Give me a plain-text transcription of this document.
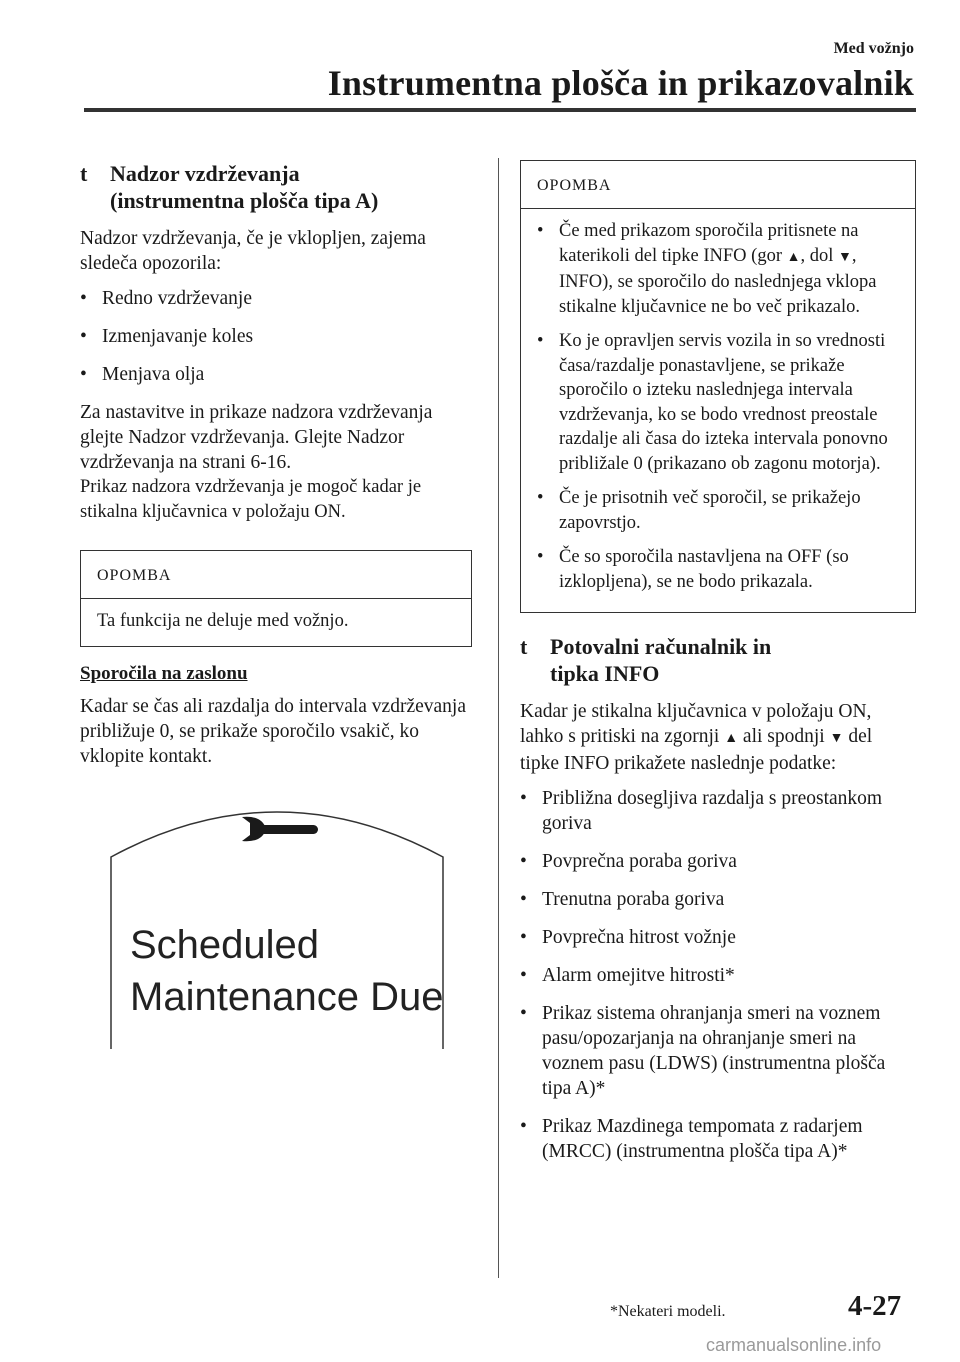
Med vožnjo
Instrumentna plošča in prikazovalnik
t	Nadzor vzdrževanja
(instrumentna plošča tipa A)

Nadzor vzdrževanja, če je vklopljen, zajema sledeča opozorila:

• Redno vzdrževanje
• Izmenjavanje koles
• Menjava olja

Za nastavitve in prikaze nadzora vzdrževanja glejte Nadzor vzdrževanja. Glejte Nadzor vzdrževanja na strani 6-16.

Prikaz nadzora vzdrževanja je mogoč kadar je stikalna ključavnica v položaju ON.

OPOMBA
Ta funkcija ne deluje med vožnjo.
Sporočila na zaslonu

Kadar se čas ali razdalja do intervala vzdrževanja približuje 0, se prikaže sporočilo vsakič, ko vklopite kontakt.

Scheduled
Maintenance Due
OPOMBA
• Če med prikazom sporočila pritisnete na katerikoli del tipke INFO (gor ▲, dol ▼, INFO), se sporočilo do naslednjega vklopa stikalne ključavnice ne bo več prikazalo.
• Ko je opravljen servis vozila in so vrednosti časa/razdalje ponastavljene, se prikaže sporočilo o izteku naslednjega intervala vzdrževanja, ko se bodo vrednost preostale razdalje ali časa do izteka intervala ponovno približale 0 (prikazano ob zagonu motorja).
• Če je prisotnih več sporočil, se prikažejo zapovrstjo.
• Če so sporočila nastavljena na OFF (so izklopljena), se ne bodo prikazala.
t	Potovalni računalnik in
tipka INFO

Kadar je stikalna ključavnica v položaju ON, lahko s pritiski na zgornji ▲ ali spodnji ▼ del tipke INFO prikažete naslednje podatke:

• Približna dosegljiva razdalja s preostankom goriva
• Povprečna poraba goriva
• Trenutna poraba goriva
• Povprečna hitrost vožnje
• Alarm omejitve hitrosti*
• Prikaz sistema ohranjanja smeri na voznem pasu/opozarjanja na ohranjanje smeri na voznem pasu (LDWS) (instrumentna plošča tipa A)*
• Prikaz Mazdinega tempomata z radarjem (MRCC) (instrumentna plošča tipa A)*
*Nekateri modeli.	4-27
carmanualsonline.info
